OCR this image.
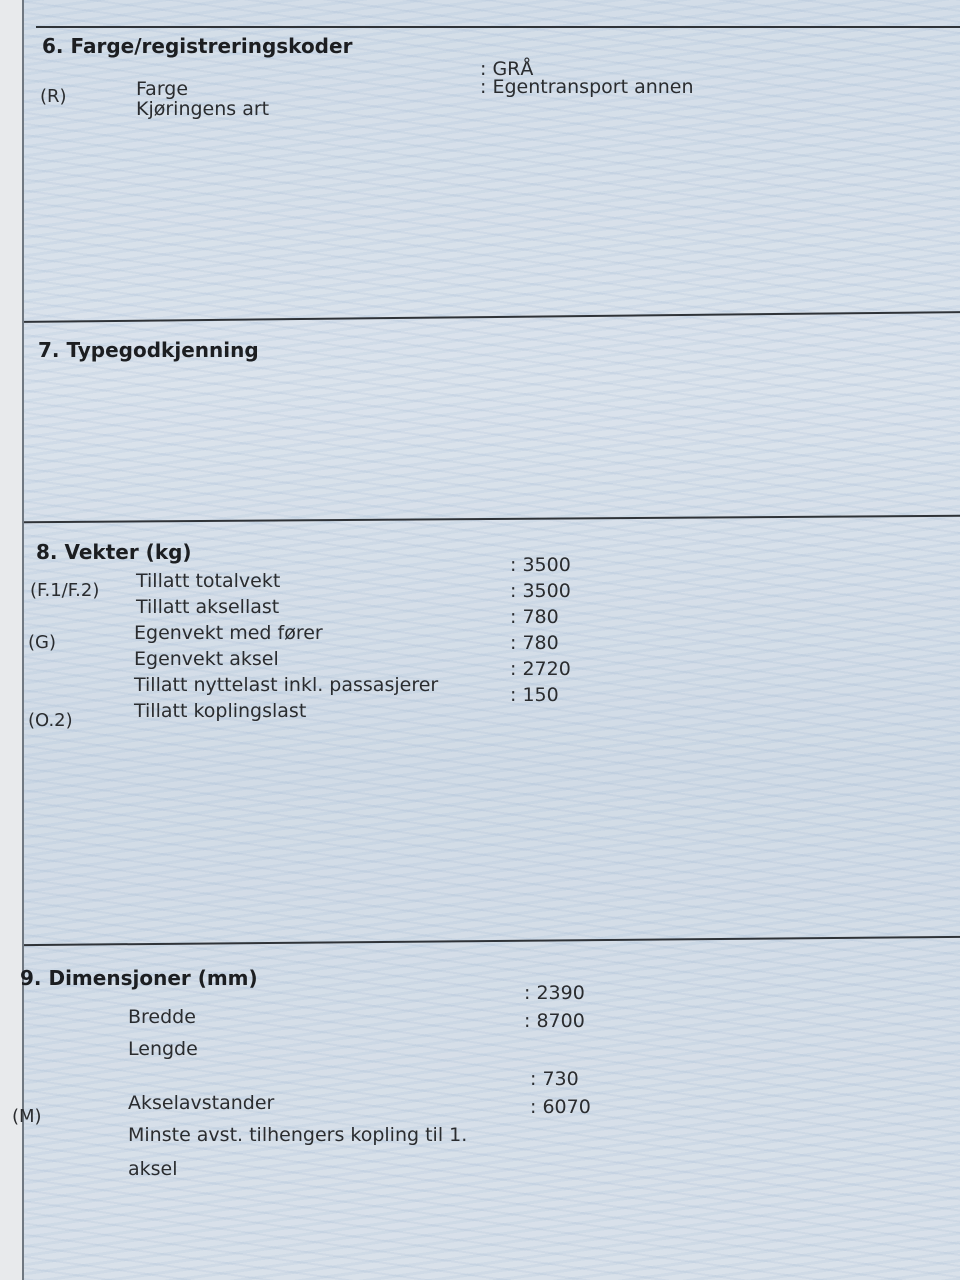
6. Farge/registreringskoder
(R)	Farge
Kjøringens art
: GRÅ
: Egentransport annen
7. Typegodkjenning
8. Vekter (kg)
(F.1/F.2)
(G)
(O.2)
Tillatt totalvekt
Tillatt aksellast
Egenvekt med fører
Egenvekt aksel
Tillatt nyttelast inkl. passasjerer
Tillatt koplingslast
: 3500
: 3500
: 780
: 780
: 2720
: 150
9. Dimensjoner (mm)
(M)
Bredde
Lengde
Akselavstander
Minste avst. tilhengers kopling til 1.
aksel
: 2390
: 8700
: 730
: 6070
